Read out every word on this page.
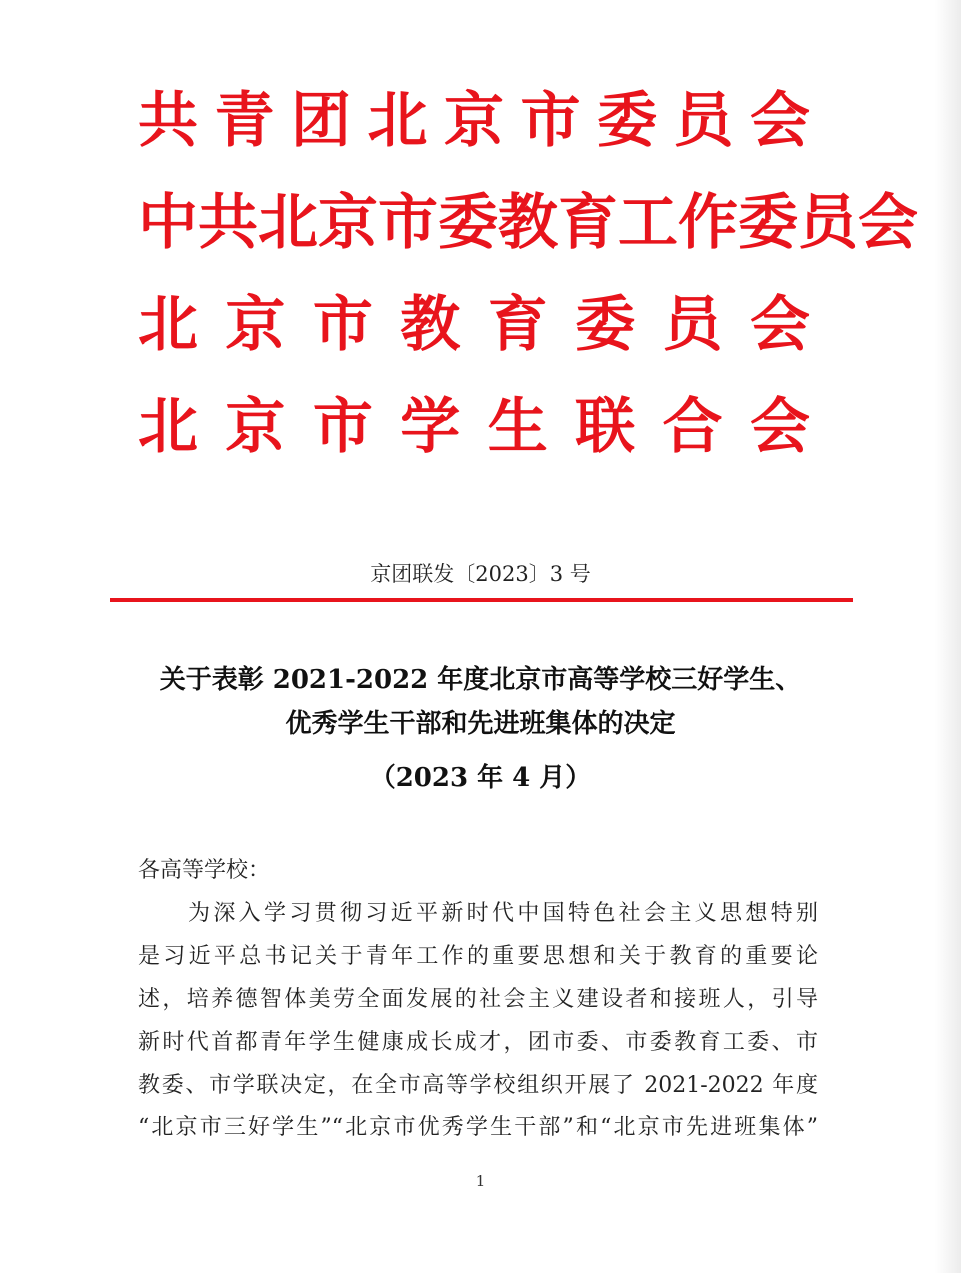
共 青 团 北 京 市 委 员 会
中 共 北 京 市 委 教 育 工 作 委 员 会
北 京 市 教 育 委 员 会
北 京 市 学 生 联 合 会
京团联发〔2023〕3 号
关于表彰 2021-2022 年度北京市高等学校三好学生、
优秀学生干部和先进班集体的决定
（2023 年 4 月）
各高等学校：
为深入学习贯彻习近平新时代中国特色社会主义思想特别
是习近平总书记关于青年工作的重要思想和关于教育的重要论
述，培养德智体美劳全面发展的社会主义建设者和接班人，引导
新时代首都青年学生健康成长成才，团市委、市委教育工委、市
教委、市学联决定，在全市高等学校组织开展了 2021-2022 年度
“北京市三好学生”“北京市优秀学生干部”和“北京市先进班集体”
1
